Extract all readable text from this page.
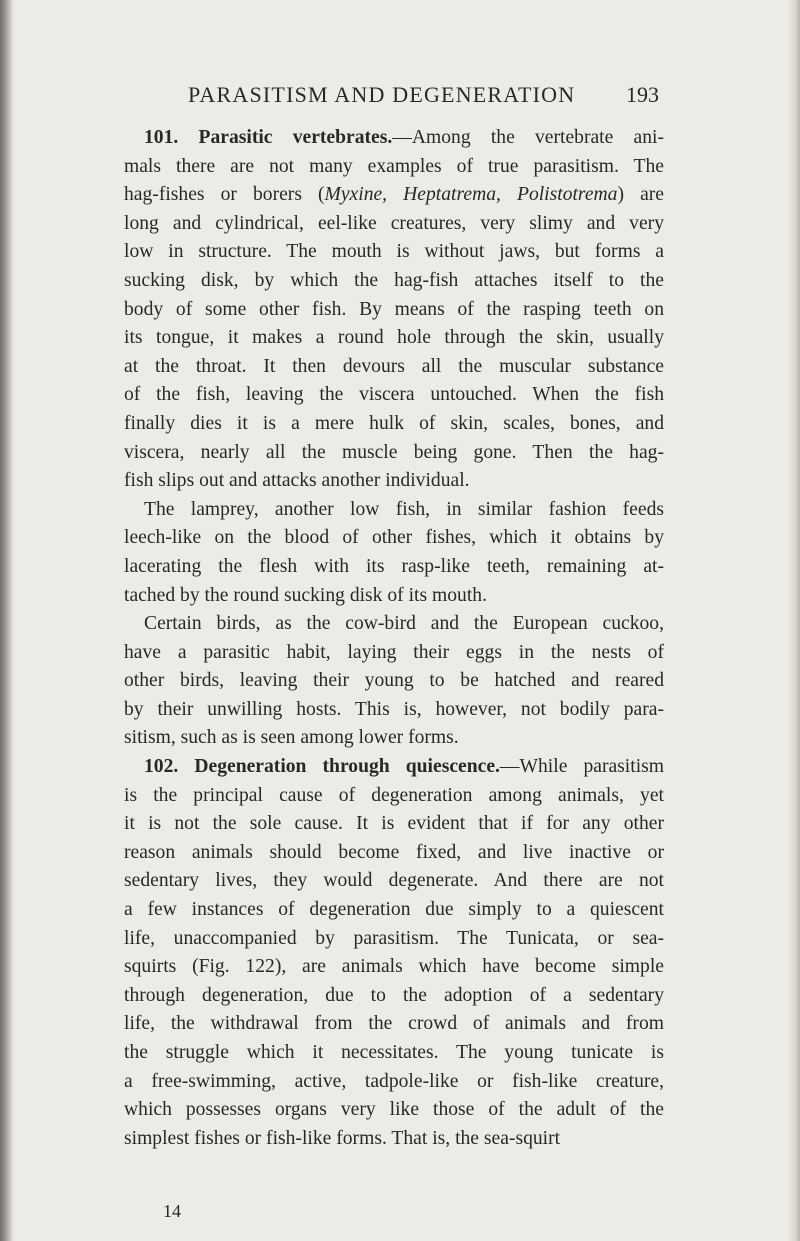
PARASITISM AND DEGENERATION 193
101. Parasitic vertebrates.—Among the vertebrate ani-
mals there are not many examples of true parasitism. The
hag-fishes or borers (Myxine, Heptatrema, Polistotrema) are
long and cylindrical, eel-like creatures, very slimy and very
low in structure. The mouth is without jaws, but forms a
sucking disk, by which the hag-fish attaches itself to the
body of some other fish. By means of the rasping teeth on
its tongue, it makes a round hole through the skin, usually
at the throat. It then devours all the muscular substance
of the fish, leaving the viscera untouched. When the fish
finally dies it is a mere hulk of skin, scales, bones, and
viscera, nearly all the muscle being gone. Then the hag-
fish slips out and attacks another individual.
The lamprey, another low fish, in similar fashion feeds
leech-like on the blood of other fishes, which it obtains by
lacerating the flesh with its rasp-like teeth, remaining at-
tached by the round sucking disk of its mouth.
Certain birds, as the cow-bird and the European cuckoo,
have a parasitic habit, laying their eggs in the nests of
other birds, leaving their young to be hatched and reared
by their unwilling hosts. This is, however, not bodily para-
sitism, such as is seen among lower forms.
102. Degeneration through quiescence.—While parasitism
is the principal cause of degeneration among animals, yet
it is not the sole cause. It is evident that if for any other
reason animals should become fixed, and live inactive or
sedentary lives, they would degenerate. And there are not
a few instances of degeneration due simply to a quiescent
life, unaccompanied by parasitism. The Tunicata, or sea-
squirts (Fig. 122), are animals which have become simple
through degeneration, due to the adoption of a sedentary
life, the withdrawal from the crowd of animals and from
the struggle which it necessitates. The young tunicate is
a free-swimming, active, tadpole-like or fish-like creature,
which possesses organs very like those of the adult of the
simplest fishes or fish-like forms. That is, the sea-squirt
14
